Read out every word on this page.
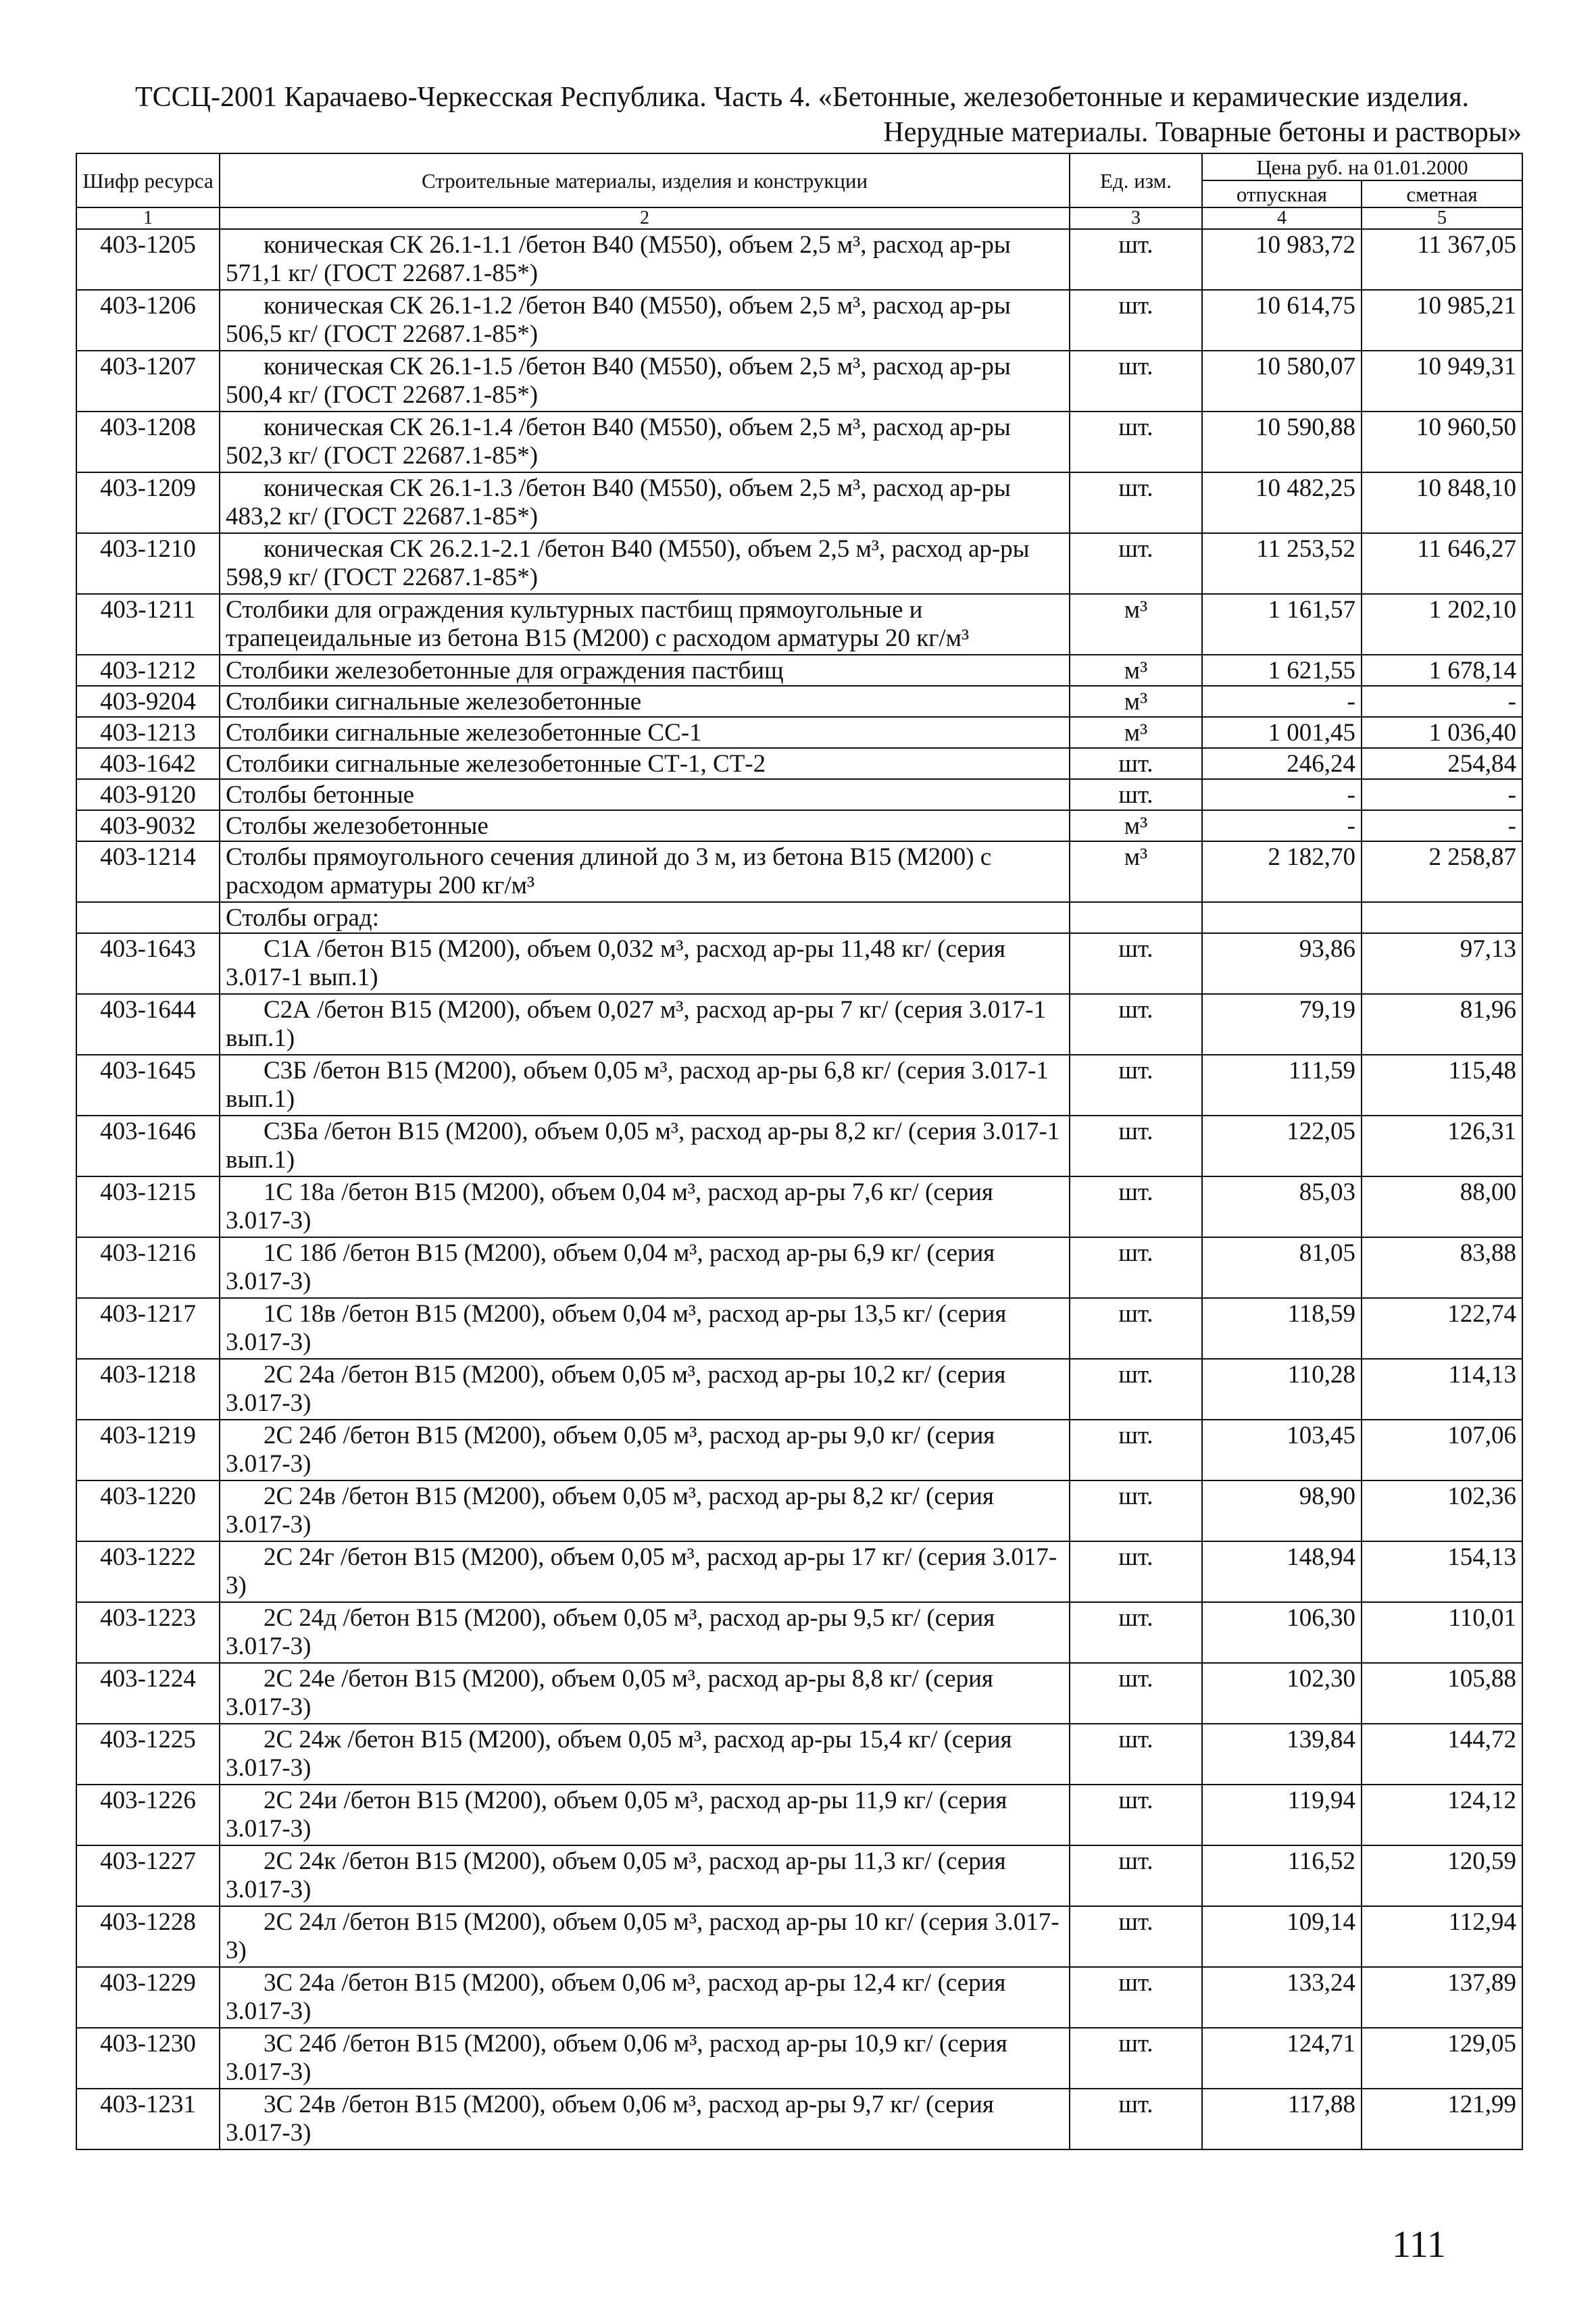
ТССЦ-2001 Карачаево-Черкесская Республика. Часть 4. «Бетонные, железобетонные и керамические изделия.
Нерудные материалы. Товарные бетоны и растворы»
Шифр ресурса	Строительные материалы, изделия и конструкции	Ед. изм.	Цена руб. на 01.01.2000	
			отпускная	сметная
1	2	3	4	5
403-1205	коническая СК 26.1-1.1 /бетон В40 (М550), объем 2,5 м³, расход ар-ры 571,1 кг/ (ГОСТ 22687.1-85*)	шт.	10 983,72	11 367,05
403-1206	коническая СК 26.1-1.2 /бетон В40 (М550), объем 2,5 м³, расход ар-ры 506,5 кг/ (ГОСТ 22687.1-85*)	шт.	10 614,75	10 985,21
403-1207	коническая СК 26.1-1.5 /бетон В40 (М550), объем 2,5 м³, расход ар-ры 500,4 кг/ (ГОСТ 22687.1-85*)	шт.	10 580,07	10 949,31
403-1208	коническая СК 26.1-1.4 /бетон В40 (М550), объем 2,5 м³, расход ар-ры 502,3 кг/ (ГОСТ 22687.1-85*)	шт.	10 590,88	10 960,50
403-1209	коническая СК 26.1-1.3 /бетон В40 (М550), объем 2,5 м³, расход ар-ры 483,2 кг/ (ГОСТ 22687.1-85*)	шт.	10 482,25	10 848,10
403-1210	коническая СК 26.2.1-2.1 /бетон В40 (М550), объем 2,5 м³, расход ар-ры 598,9 кг/ (ГОСТ 22687.1-85*)	шт.	11 253,52	11 646,27
403-1211	Столбики для ограждения культурных пастбищ прямоугольные и трапецеидальные из бетона В15 (М200) с расходом арматуры 20 кг/м³	м³	1 161,57	1 202,10
403-1212	Столбики железобетонные для ограждения пастбищ	м³	1 621,55	1 678,14
403-9204	Столбики сигнальные железобетонные	м³	-	-
403-1213	Столбики сигнальные железобетонные СС-1	м³	1 001,45	1 036,40
403-1642	Столбики сигнальные железобетонные СТ-1, СТ-2	шт.	246,24	254,84
403-9120	Столбы бетонные	шт.	-	-
403-9032	Столбы железобетонные	м³	-	-
403-1214	Столбы прямоугольного сечения длиной до 3 м, из бетона В15 (М200) с расходом арматуры 200 кг/м³	м³	2 182,70	2 258,87
	Столбы оград:			
403-1643	С1А /бетон В15 (М200), объем 0,032 м³, расход ар-ры 11,48 кг/ (серия 3.017-1 вып.1)	шт.	93,86	97,13
403-1644	С2А /бетон В15 (М200), объем 0,027 м³, расход ар-ры 7 кг/ (серия 3.017-1 вып.1)	шт.	79,19	81,96
403-1645	С3Б /бетон В15 (М200), объем 0,05 м³, расход ар-ры 6,8 кг/ (серия 3.017-1 вып.1)	шт.	111,59	115,48
403-1646	С3Ба /бетон В15 (М200), объем 0,05 м³, расход ар-ры 8,2 кг/ (серия 3.017-1 вып.1)	шт.	122,05	126,31
403-1215	1С 18а /бетон В15 (М200), объем 0,04 м³, расход ар-ры 7,6 кг/ (серия 3.017-3)	шт.	85,03	88,00
403-1216	1С 18б /бетон В15 (М200), объем 0,04 м³, расход ар-ры 6,9 кг/ (серия 3.017-3)	шт.	81,05	83,88
403-1217	1С 18в /бетон В15 (М200), объем 0,04 м³, расход ар-ры 13,5 кг/ (серия 3.017-3)	шт.	118,59	122,74
403-1218	2С 24а /бетон В15 (М200), объем 0,05 м³, расход ар-ры 10,2 кг/ (серия 3.017-3)	шт.	110,28	114,13
403-1219	2С 24б /бетон В15 (М200), объем 0,05 м³, расход ар-ры 9,0 кг/ (серия 3.017-3)	шт.	103,45	107,06
403-1220	2С 24в /бетон В15 (М200), объем 0,05 м³, расход ар-ры 8,2 кг/ (серия 3.017-3)	шт.	98,90	102,36
403-1222	2С 24г /бетон В15 (М200), объем 0,05 м³, расход ар-ры 17 кг/ (серия 3.017-3)	шт.	148,94	154,13
403-1223	2С 24д /бетон В15 (М200), объем 0,05 м³, расход ар-ры 9,5 кг/ (серия 3.017-3)	шт.	106,30	110,01
403-1224	2С 24е /бетон В15 (М200), объем 0,05 м³, расход ар-ры 8,8 кг/ (серия 3.017-3)	шт.	102,30	105,88
403-1225	2С 24ж /бетон В15 (М200), объем 0,05 м³, расход ар-ры 15,4 кг/ (серия 3.017-3)	шт.	139,84	144,72
403-1226	2С 24и /бетон В15 (М200), объем 0,05 м³, расход ар-ры 11,9 кг/ (серия 3.017-3)	шт.	119,94	124,12
403-1227	2С 24к /бетон В15 (М200), объем 0,05 м³, расход ар-ры 11,3 кг/ (серия 3.017-3)	шт.	116,52	120,59
403-1228	2С 24л /бетон В15 (М200), объем 0,05 м³, расход ар-ры 10 кг/ (серия 3.017-3)	шт.	109,14	112,94
403-1229	3С 24а /бетон В15 (М200), объем 0,06 м³, расход ар-ры 12,4 кг/ (серия 3.017-3)	шт.	133,24	137,89
403-1230	3С 24б /бетон В15 (М200), объем 0,06 м³, расход ар-ры 10,9 кг/ (серия 3.017-3)	шт.	124,71	129,05
403-1231	3С 24в /бетон В15 (М200), объем 0,06 м³, расход ар-ры 9,7 кг/ (серия 3.017-3)	шт.	117,88	121,99
111
